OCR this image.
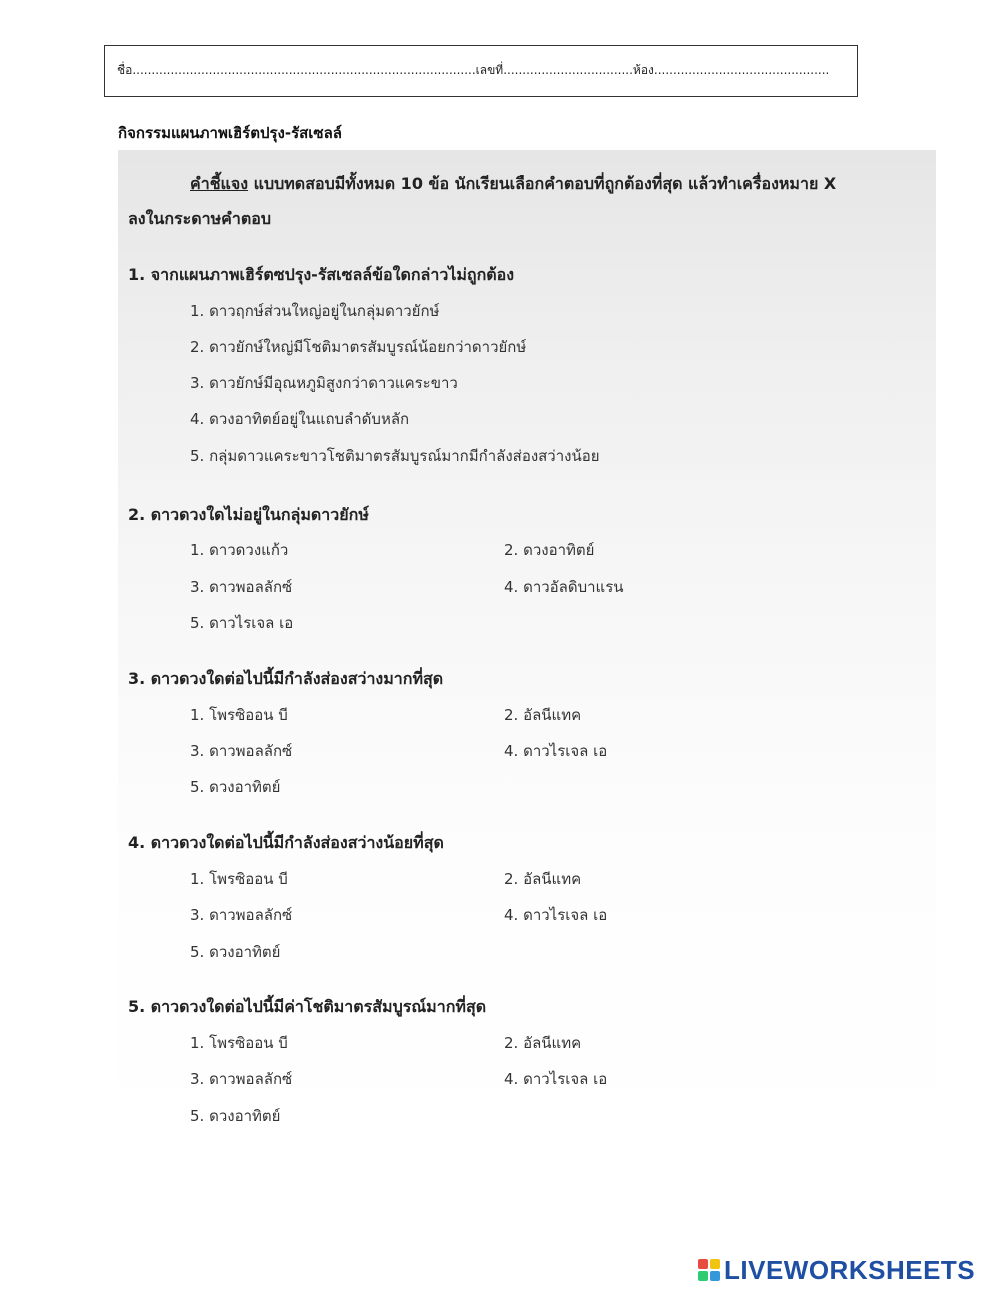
ชื่อ..........................................................................................เลขที่..................................ห้อง..............................................
กิจกรรมแผนภาพเฮิร์ตปรุง-รัสเซลล์
คำชี้แจง แบบทดสอบมีทั้งหมด 10 ข้อ นักเรียนเลือกคำตอบที่ถูกต้องที่สุด แล้วทำเครื่องหมาย X
ลงในกระดาษคำตอบ
1. จากแผนภาพเฮิร์ตซปรุง-รัสเซลล์ข้อใดกล่าวไม่ถูกต้อง
1. ดาวฤกษ์ส่วนใหญ่อยู่ในกลุ่มดาวยักษ์
2. ดาวยักษ์ใหญ่มีโชติมาตรสัมบูรณ์น้อยกว่าดาวยักษ์
3. ดาวยักษ์มีอุณหภูมิสูงกว่าดาวแคระขาว
4. ดวงอาทิตย์อยู่ในแถบลำดับหลัก
5. กลุ่มดาวแคระขาวโชติมาตรสัมบูรณ์มากมีกำลังส่องสว่างน้อย
2. ดาวดวงใดไม่อยู่ในกลุ่มดาวยักษ์
1. ดาวดวงแก้ว	2. ดวงอาทิตย์
3. ดาวพอลลักซ์	4. ดาวอัลดิบาแรน
5. ดาวไรเจล เอ
3. ดาวดวงใดต่อไปนี้มีกำลังส่องสว่างมากที่สุด
1. โพรซิออน บี	2. อัลนีแทค
3. ดาวพอลลักซ์	4. ดาวไรเจล เอ
5. ดวงอาทิตย์
4. ดาวดวงใดต่อไปนี้มีกำลังส่องสว่างน้อยที่สุด
1. โพรซิออน บี	2. อัลนีแทค
3. ดาวพอลลักซ์	4. ดาวไรเจล เอ
5. ดวงอาทิตย์
5. ดาวดวงใดต่อไปนี้มีค่าโชติมาตรสัมบูรณ์มากที่สุด
1. โพรซิออน บี	2. อัลนีแทค
3. ดาวพอลลักซ์	4. ดาวไรเจล เอ
5. ดวงอาทิตย์
LIVEWORKSHEETS
